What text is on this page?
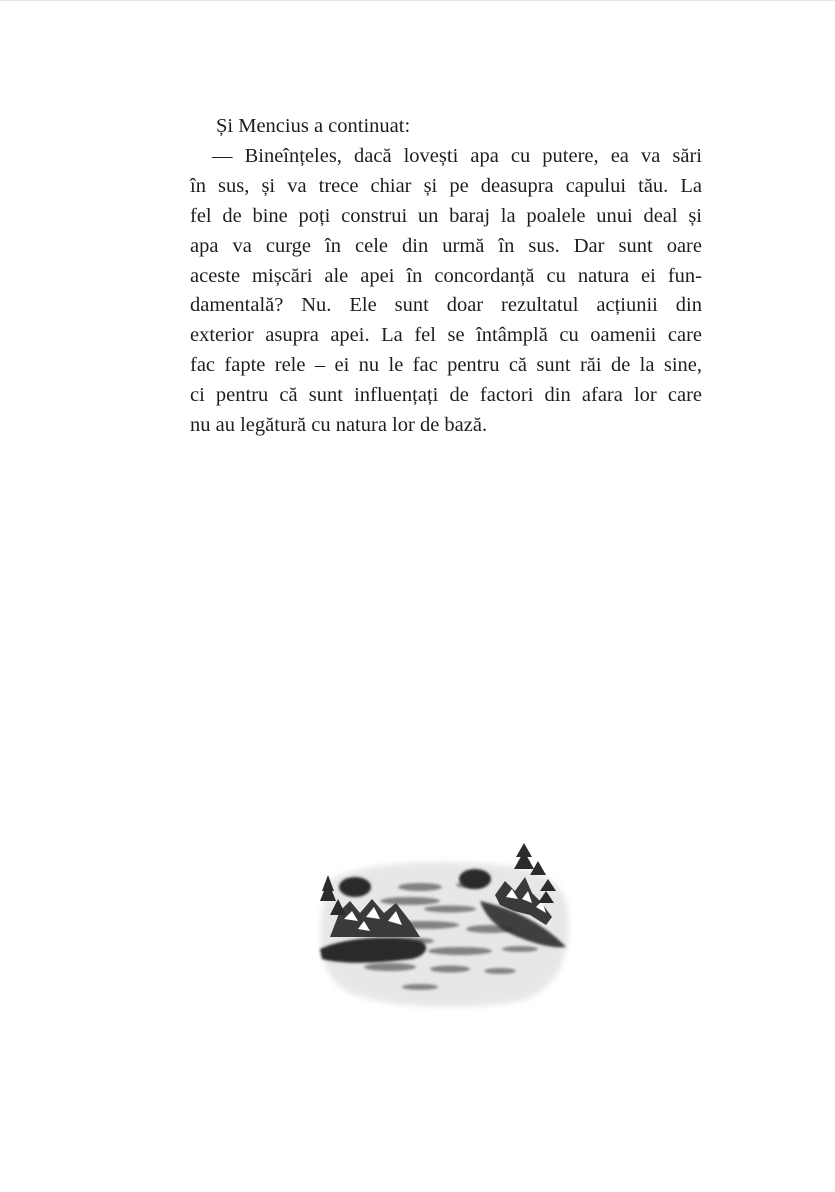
Și Mencius a continuat:
— Bineînțeles, dacă lovești apa cu putere, ea va sări
în sus, și va trece chiar și pe deasupra capului tău. La
fel de bine poți construi un baraj la poalele unui deal și
apa va curge în cele din urmă în sus. Dar sunt oare
aceste mișcări ale apei în concordanță cu natura ei fun-
damentală? Nu. Ele sunt doar rezultatul acțiunii din
exterior asupra apei. La fel se întâmplă cu oamenii care
fac fapte rele – ei nu le fac pentru că sunt răi de la sine,
ci pentru că sunt influențați de factori din afara lor care
nu au legătură cu natura lor de bază.
